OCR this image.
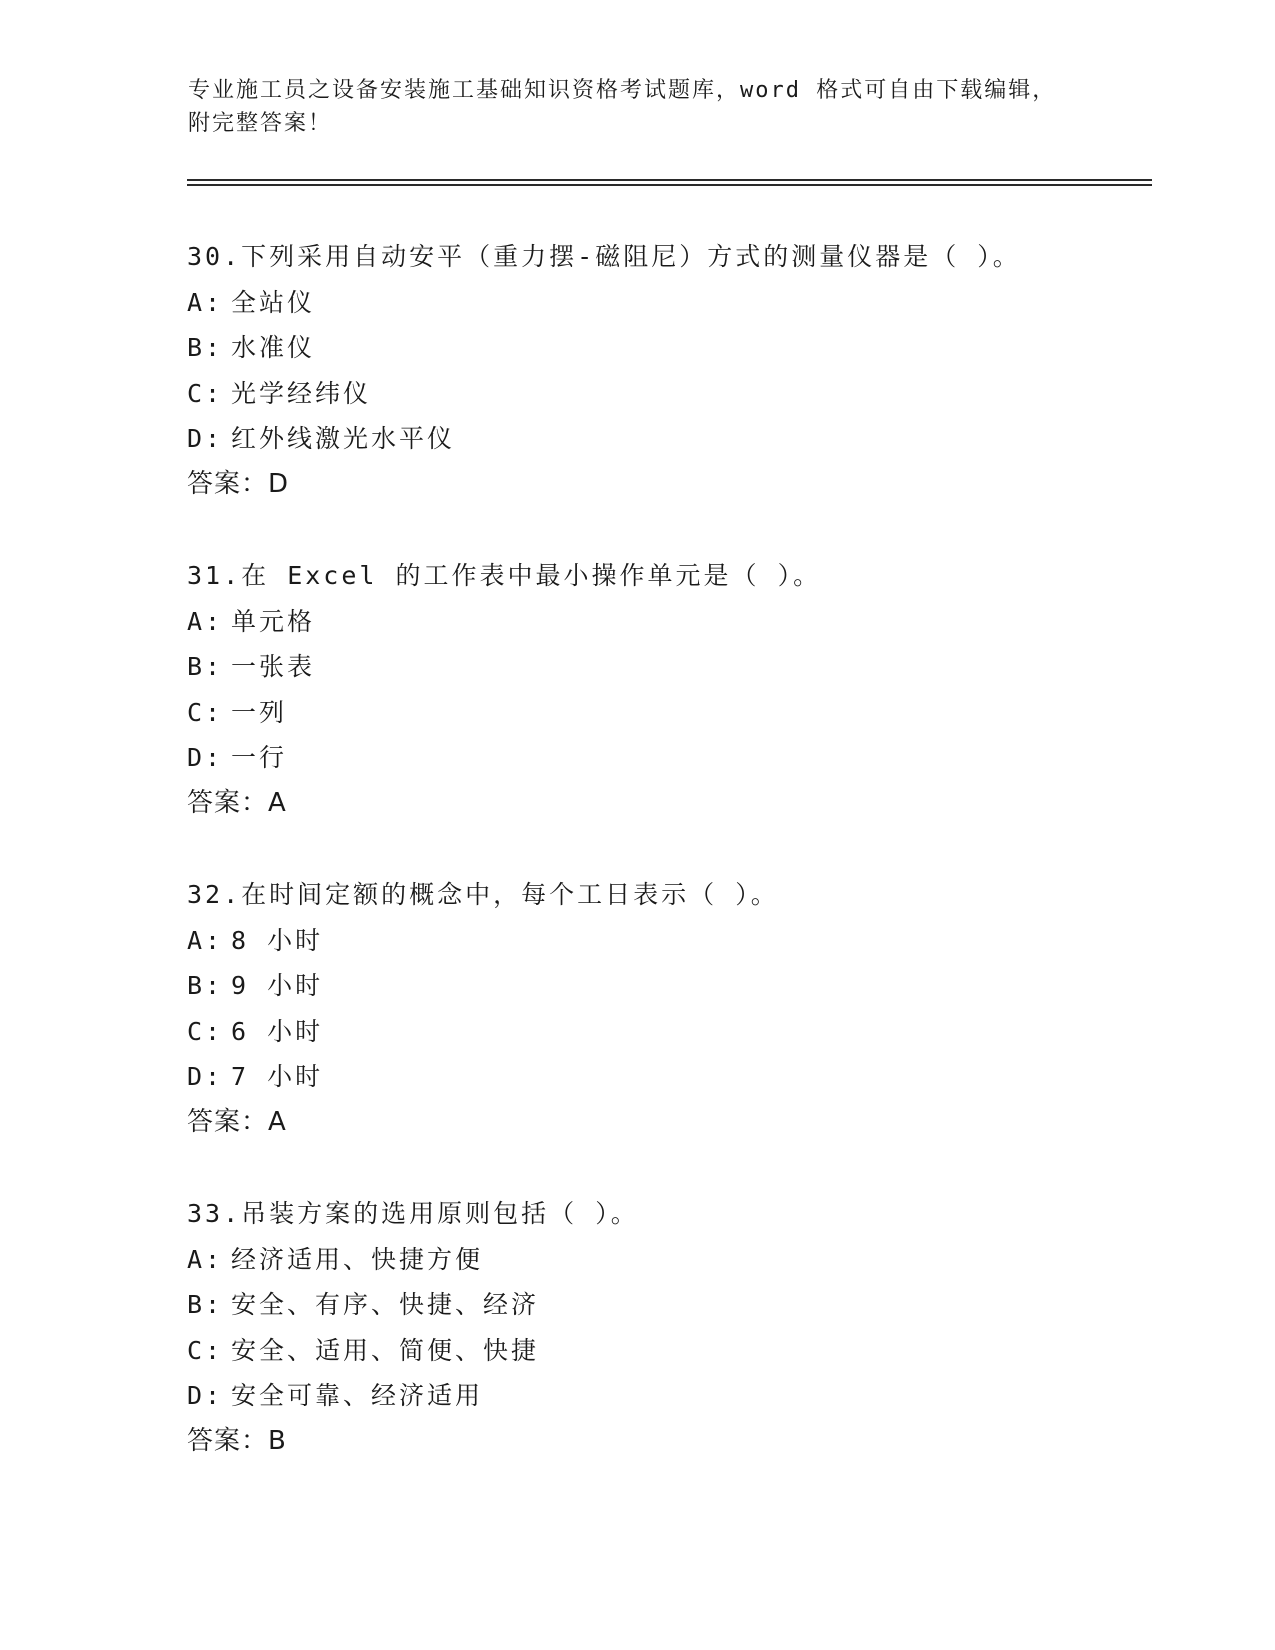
专业施工员之设备安装施工基础知识资格考试题库，word 格式可自由下载编辑，
附完整答案！
30.下列采用自动安平（重力摆-磁阻尼）方式的测量仪器是（ ）。
A: 全站仪
B: 水准仪
C: 光学经纬仪
D: 红外线激光水平仪
答案：D
31.在 Excel 的工作表中最小操作单元是（ ）。
A: 单元格
B: 一张表
C: 一列
D: 一行
答案：A
32.在时间定额的概念中，每个工日表示（ ）。
A: 8 小时
B: 9 小时
C: 6 小时
D: 7 小时
答案：A
33.吊装方案的选用原则包括（ ）。
A: 经济适用、快捷方便
B: 安全、有序、快捷、经济
C: 安全、适用、简便、快捷
D: 安全可靠、经济适用
答案：B
